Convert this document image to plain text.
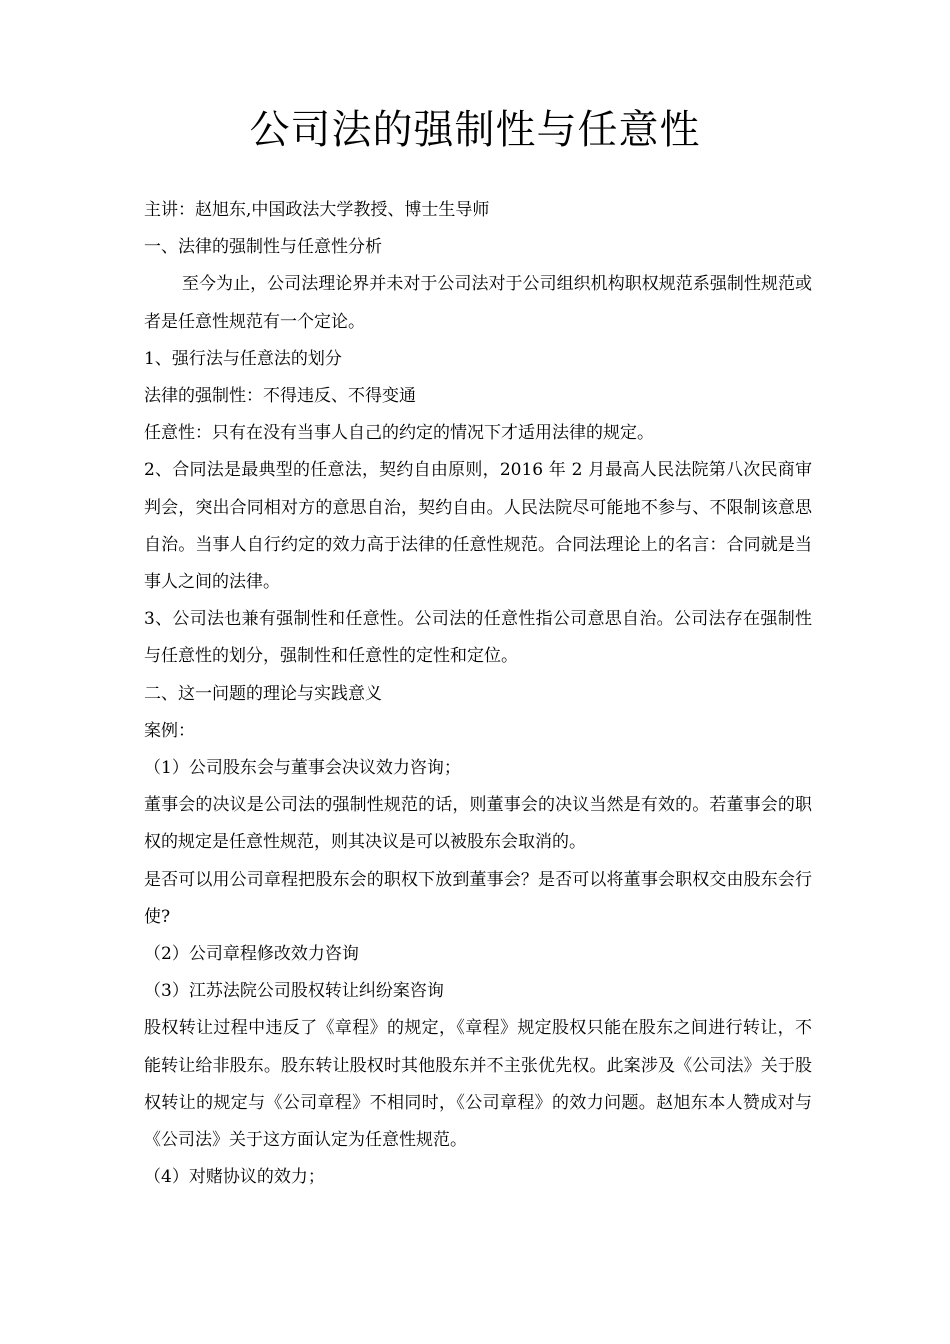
公司法的强制性与任意性

主讲：赵旭东,中国政法大学教授、博士生导师

一、法律的强制性与任意性分析

至今为止，公司法理论界并未对于公司法对于公司组织机构职权规范系强制性规范或者是任意性规范有一个定论。

1、强行法与任意法的划分

法律的强制性：不得违反、不得变通

任意性：只有在没有当事人自己的约定的情况下才适用法律的规定。

2、合同法是最典型的任意法，契约自由原则，2016 年 2 月最高人民法院第八次民商审判会，突出合同相对方的意思自治，契约自由。人民法院尽可能地不参与、不限制该意思自治。当事人自行约定的效力高于法律的任意性规范。合同法理论上的名言：合同就是当事人之间的法律。

3、公司法也兼有强制性和任意性。公司法的任意性指公司意思自治。公司法存在强制性与任意性的划分，强制性和任意性的定性和定位。

二、这一问题的理论与实践意义

案例：

（1）公司股东会与董事会决议效力咨询；

董事会的决议是公司法的强制性规范的话，则董事会的决议当然是有效的。若董事会的职权的规定是任意性规范，则其决议是可以被股东会取消的。

是否可以用公司章程把股东会的职权下放到董事会？是否可以将董事会职权交由股东会行使?

（2）公司章程修改效力咨询

（3）江苏法院公司股权转让纠纷案咨询

股权转让过程中违反了《章程》的规定，《章程》规定股权只能在股东之间进行转让，不能转让给非股东。股东转让股权时其他股东并不主张优先权。此案涉及《公司法》关于股权转让的规定与《公司章程》不相同时，《公司章程》的效力问题。赵旭东本人赞成对与《公司法》关于这方面认定为任意性规范。

（4）对赌协议的效力；
